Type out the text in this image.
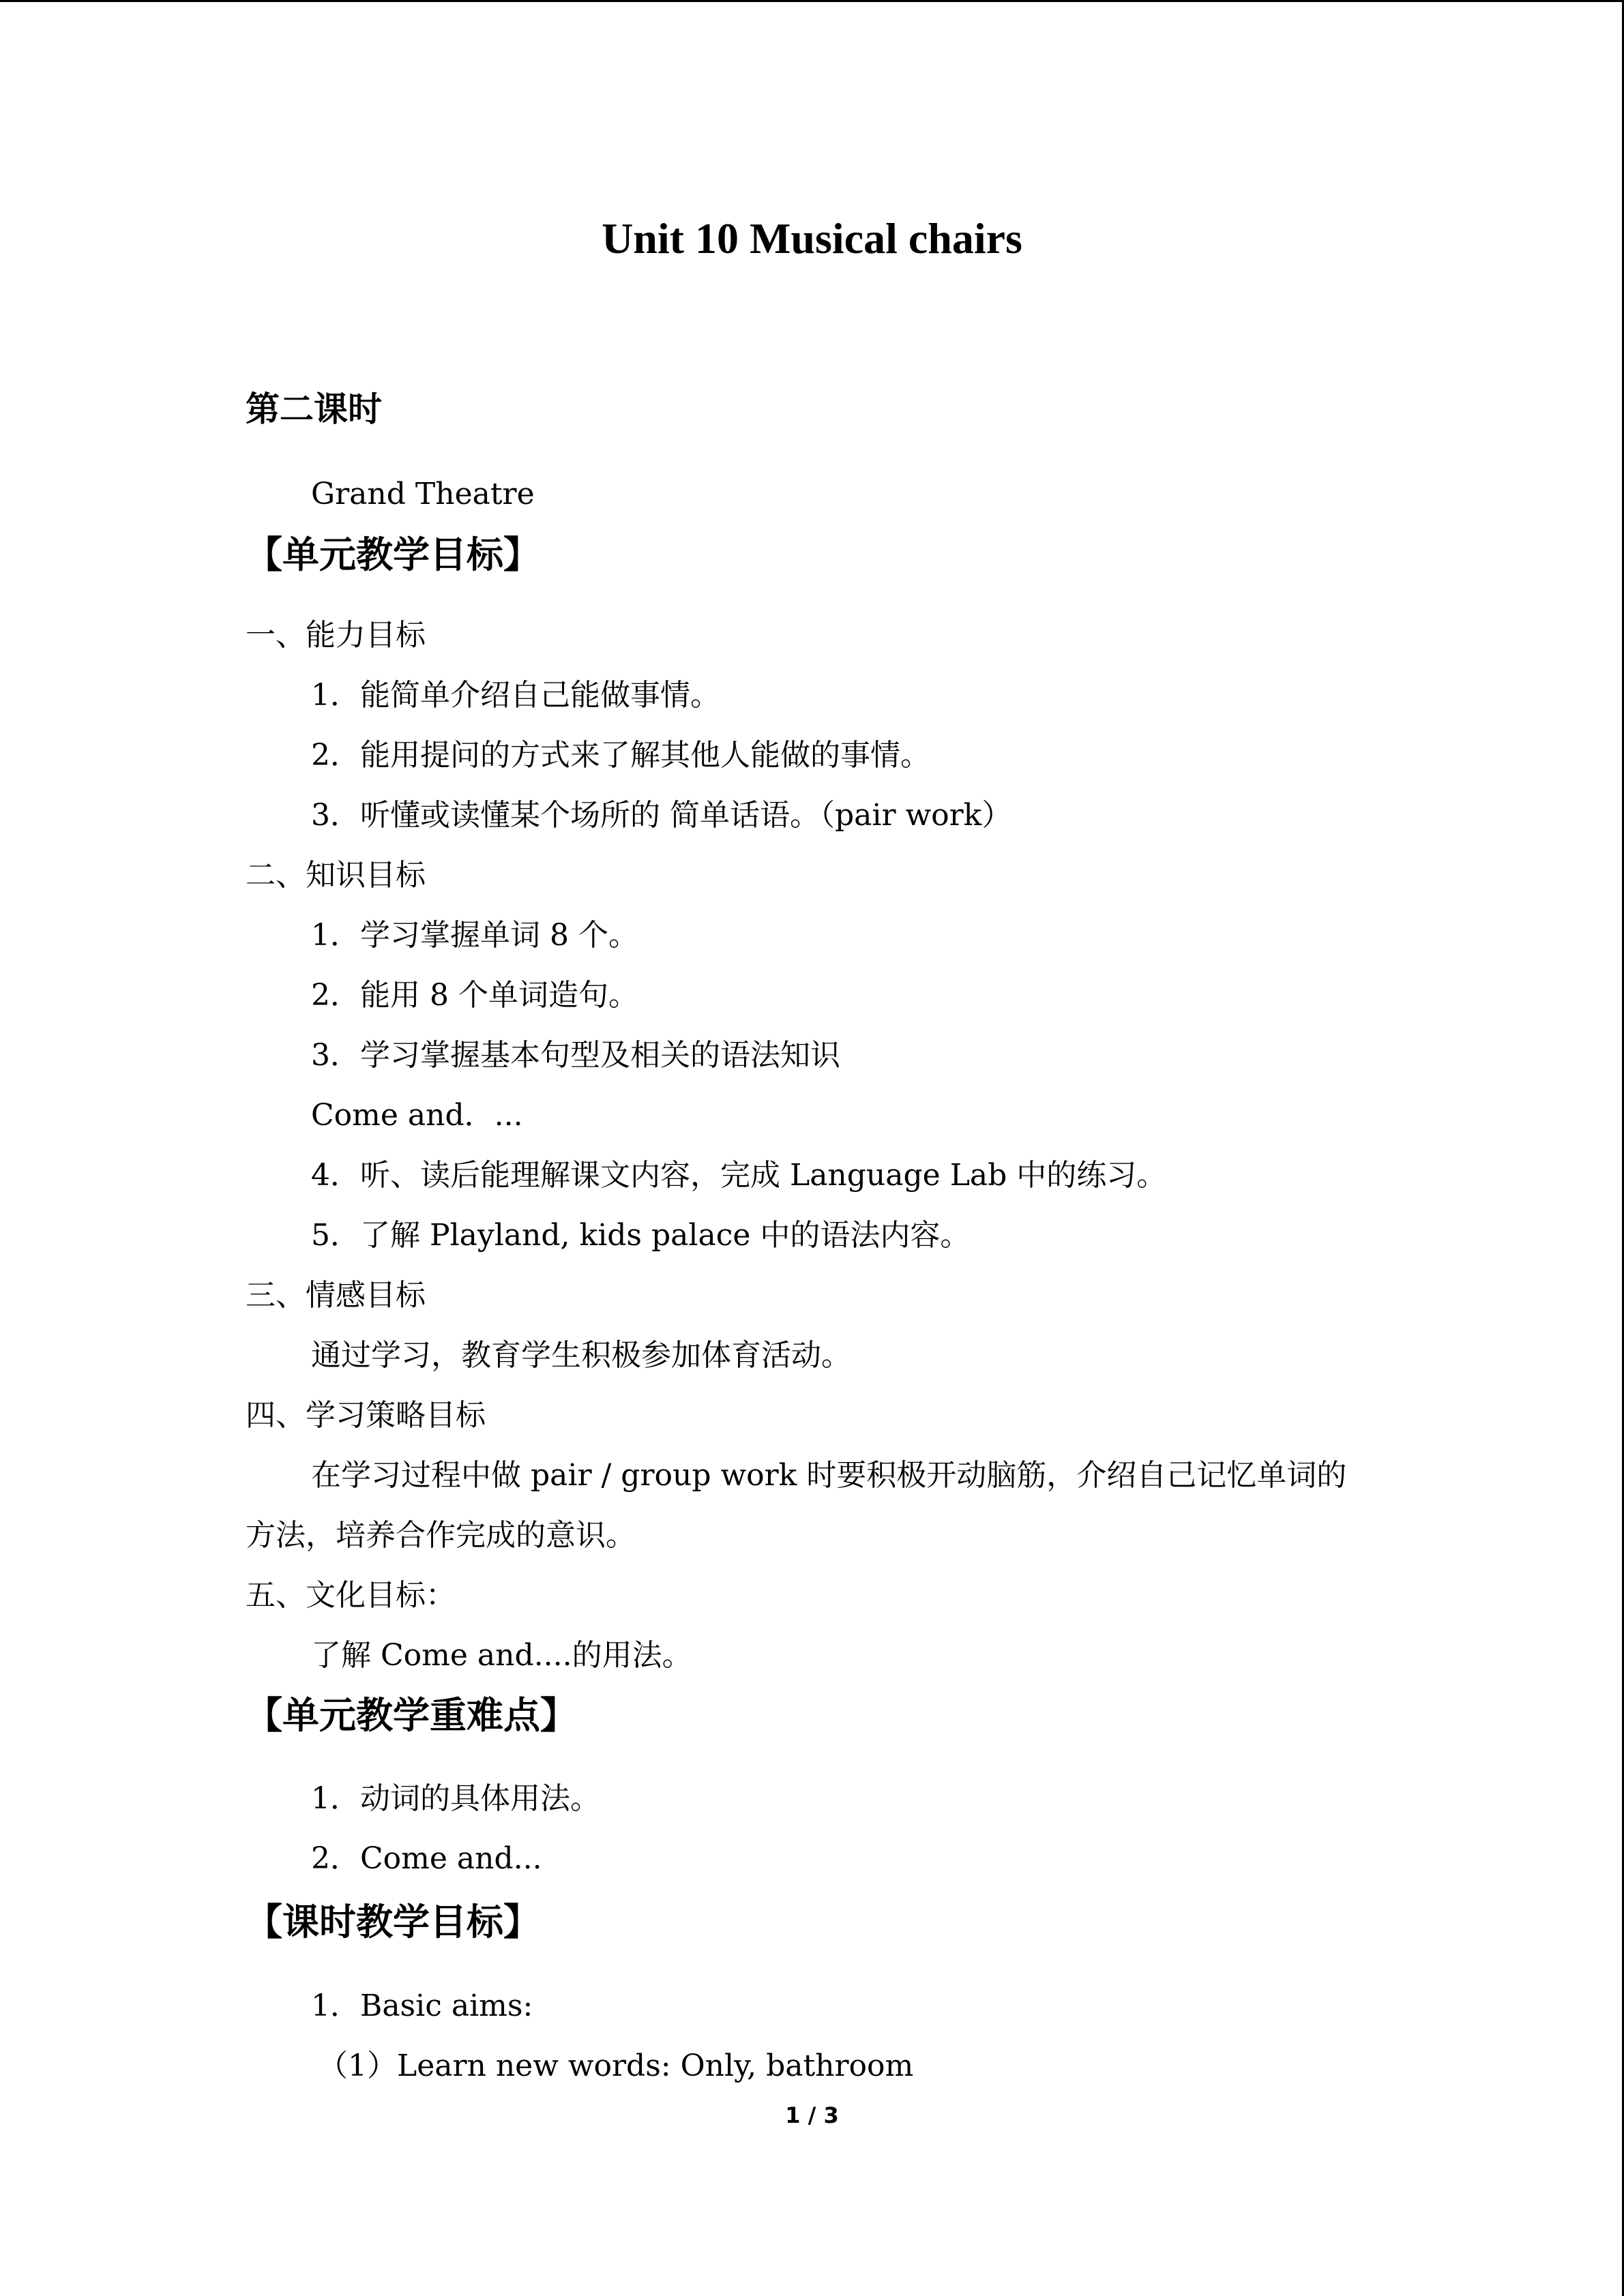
Unit 10 Musical chairs
第二课时
Grand Theatre
【单元教学目标】
一、能力目标
1．能简单介绍自己能做事情。
2．能用提问的方式来了解其他人能做的事情。
3．听懂或读懂某个场所的 简单话语。（pair work）
二、知识目标
1．学习掌握单词 8 个。
2．能用 8 个单词造句。
3．学习掌握基本句型及相关的语法知识
Come and．...
4．听、读后能理解课文内容，完成 Language Lab 中的练习。
5．了解 Playland, kids palace 中的语法内容。
三、情感目标
通过学习，教育学生积极参加体育活动。
四、学习策略目标
在学习过程中做 pair / group work 时要积极开动脑筋，介绍自己记忆单词的
方法，培养合作完成的意识。
五、文化目标：
了解 Come and....的用法。
【单元教学重难点】
1．动词的具体用法。
2．Come and...
【课时教学目标】
1．Basic aims:
（1）Learn new words: Only, bathroom
1 / 3
